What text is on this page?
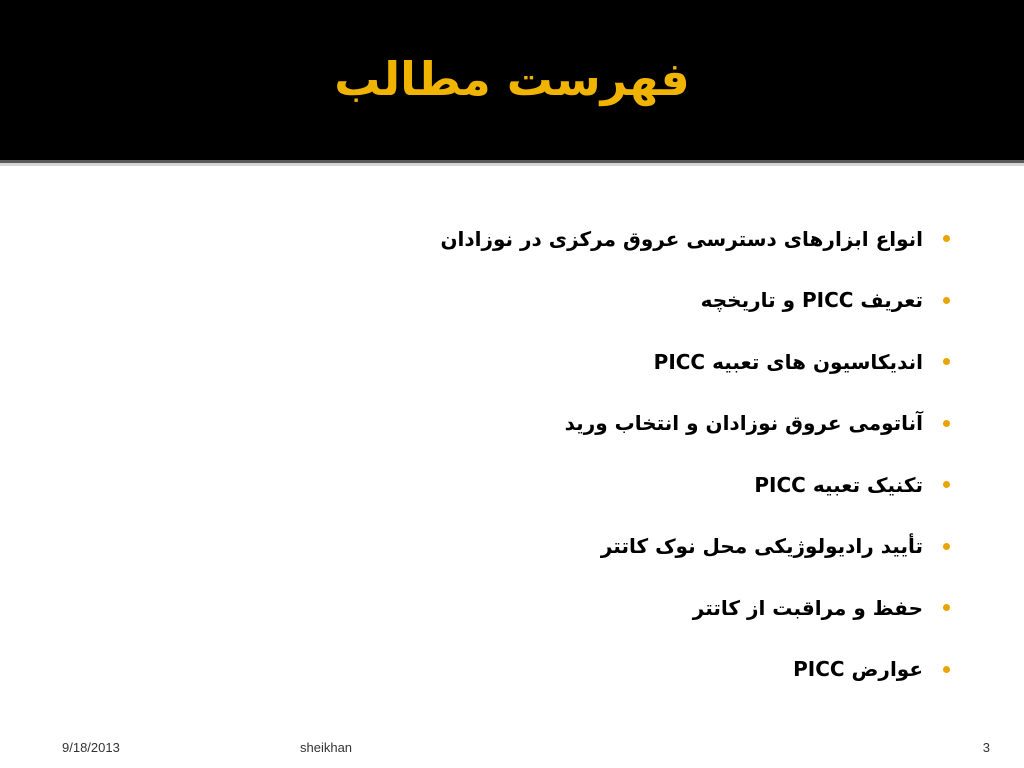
فهرست مطالب
انواع ابزارهای دسترسی عروق مرکزی در نوزادان
تعریف PICC و تاریخچه
اندیکاسیون های تعبیه PICC
آناتومی عروق نوزادان و انتخاب ورید
تکنیک تعبیه PICC
تأیید رادیولوژیکی محل نوک کاتتر
حفظ و مراقبت از کاتتر
عوارض PICC
9/18/2013	sheikhan	3
